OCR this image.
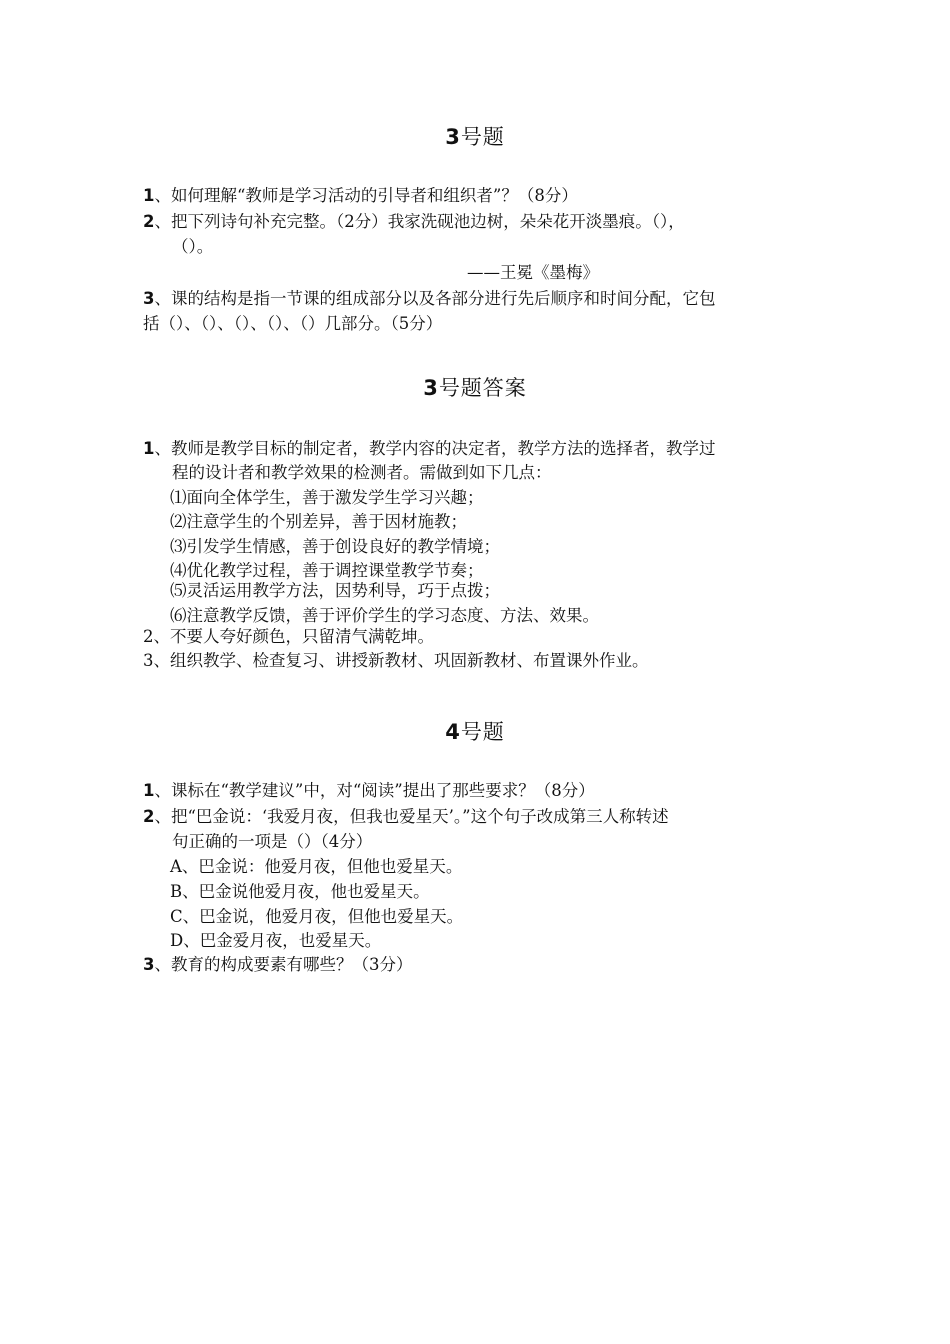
3号题
1、如何理解“教师是学习活动的引导者和组织者”？（8分）
2、把下列诗句补充完整。（2分）我家洗砚池边树，朵朵花开淡墨痕。（），
（）。
——王冕《墨梅》
3、课的结构是指一节课的组成部分以及各部分进行先后顺序和时间分配，它包
括（）、（）、（）、（）、（）几部分。（5分）
3号题答案
1、教师是教学目标的制定者，教学内容的决定者，教学方法的选择者，教学过
程的设计者和教学效果的检测者。需做到如下几点：
⑴面向全体学生，善于激发学生学习兴趣；
⑵注意学生的个别差异，善于因材施教；
⑶引发学生情感，善于创设良好的教学情境；
⑷优化教学过程，善于调控课堂教学节奏；
⑸灵活运用教学方法，因势利导，巧于点拨；
⑹注意教学反馈，善于评价学生的学习态度、方法、效果。
2、不要人夸好颜色，只留清气满乾坤。
3、组织教学、检查复习、讲授新教材、巩固新教材、布置课外作业。
4号题
1、课标在“教学建议”中，对“阅读”提出了那些要求？（8分）
2、把“巴金说：‘我爱月夜，但我也爱星天’。”这个句子改成第三人称转述
句正确的一项是（）（4分）
A、巴金说：他爱月夜，但他也爱星天。
B、巴金说他爱月夜，他也爱星天。
C、巴金说，他爱月夜，但他也爱星天。
D、巴金爱月夜，也爱星天。
3、教育的构成要素有哪些？（3分）
